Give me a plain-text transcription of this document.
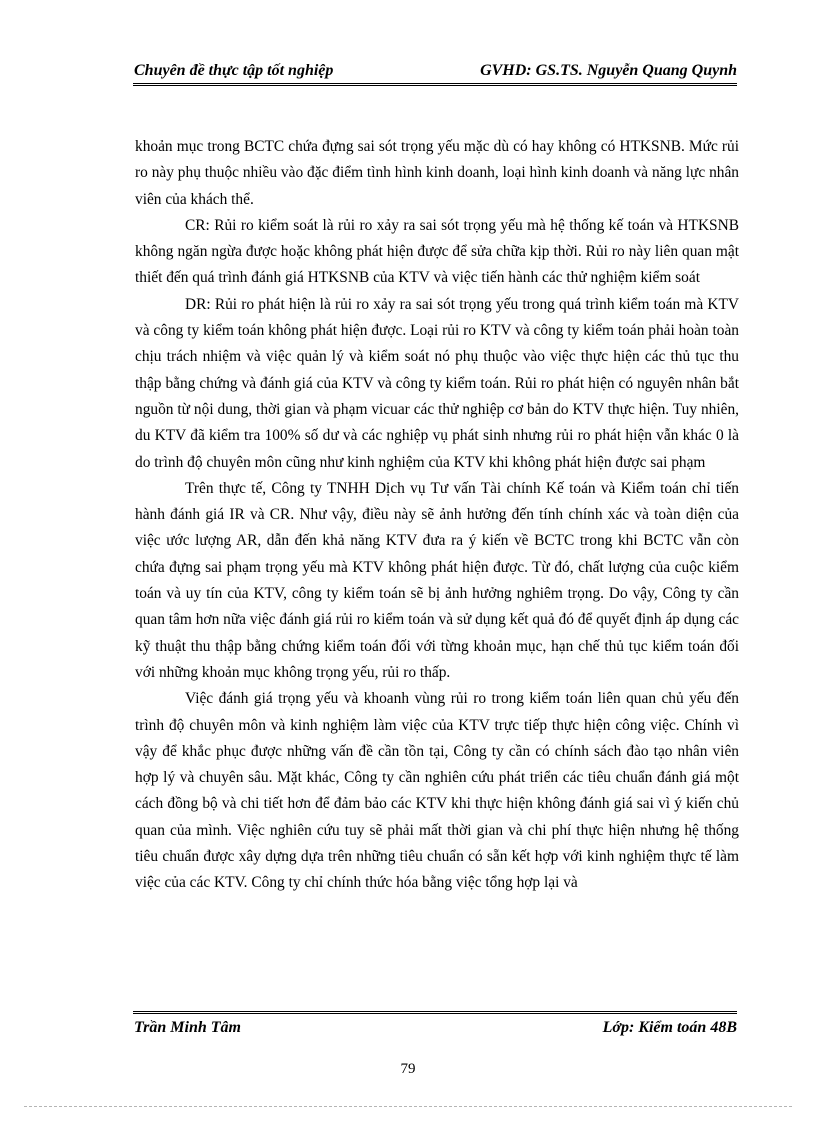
Chuyên đề thực tập tốt nghiệp	GVHD: GS.TS. Nguyễn Quang Quynh

khoản mục trong BCTC chứa đựng sai sót trọng yếu mặc dù có hay không có HTKSNB. Mức rủi ro này phụ thuộc nhiều vào đặc điểm tình hình kinh doanh, loại hình kinh doanh và năng lực nhân viên của khách thể.

CR: Rủi ro kiểm soát là rủi ro xảy ra sai sót trọng yếu mà hệ thống kế toán và HTKSNB không ngăn ngừa được hoặc không phát hiện được để sửa chữa kịp thời. Rủi ro này liên quan mật thiết đến quá trình đánh giá HTKSNB của KTV và việc tiến hành các thử nghiệm kiểm soát

DR: Rủi ro phát hiện là rủi ro xảy ra sai sót trọng yếu trong quá trình kiểm toán mà KTV và công ty kiểm toán không phát hiện được. Loại rủi ro KTV và công ty kiểm toán phải hoàn toàn chịu trách nhiệm và việc quản lý và kiểm soát nó phụ thuộc vào việc thực hiện các thủ tục thu thập bằng chứng và đánh giá của KTV và công ty kiểm toán. Rủi ro phát hiện có nguyên nhân bắt nguồn từ nội dung, thời gian và phạm vicuar các thử nghiệp cơ bản do KTV thực hiện. Tuy nhiên, du KTV đã kiểm tra 100% số dư và các nghiệp vụ phát sinh nhưng rủi ro phát hiện vẫn khác 0 là do trình độ chuyên môn cũng như kinh nghiệm của KTV khi không phát hiện được sai phạm

Trên thực tế, Công ty TNHH Dịch vụ Tư vấn Tài chính Kế toán và Kiểm toán chỉ tiến hành đánh giá IR và CR. Như vậy, điều này sẽ ảnh hưởng đến tính chính xác và toàn diện của việc ước lượng AR, dẫn đến khả năng KTV đưa ra ý kiến về BCTC trong khi BCTC vẫn còn chứa đựng sai phạm trọng yếu mà KTV không phát hiện được. Từ đó, chất lượng của cuộc kiểm toán và uy tín của KTV, công ty kiểm toán sẽ bị ảnh hưởng nghiêm trọng. Do vậy, Công ty cần quan tâm hơn nữa việc đánh giá rủi ro kiểm toán và sử dụng kết quả đó để quyết định áp dụng các kỹ thuật thu thập bằng chứng kiểm toán đối với từng khoản mục, hạn chế thủ tục kiểm toán đối với những khoản mục không trọng yếu, rủi ro thấp.

Việc đánh giá trọng yếu và khoanh vùng rủi ro trong kiểm toán liên quan chủ yếu đến trình độ chuyên môn và kinh nghiệm làm việc của KTV trực tiếp thực hiện công việc. Chính vì vậy để khắc phục được những vấn đề cần tồn tại, Công ty cần có chính sách đào tạo nhân viên hợp lý và chuyên sâu. Mặt khác, Công ty cần nghiên cứu phát triển các tiêu chuẩn đánh giá một cách đồng bộ và chi tiết hơn để đảm bảo các KTV khi thực hiện không đánh giá sai vì ý kiến chủ quan của mình. Việc nghiên cứu tuy sẽ phải mất thời gian và chi phí thực hiện nhưng hệ thống tiêu chuẩn được xây dựng dựa trên những tiêu chuẩn có sẵn kết hợp với kinh nghiệm thực tế làm việc của các KTV. Công ty chỉ chính thức hóa bằng việc tổng hợp lại và

Trần Minh Tâm	Lớp: Kiểm toán 48B
79
